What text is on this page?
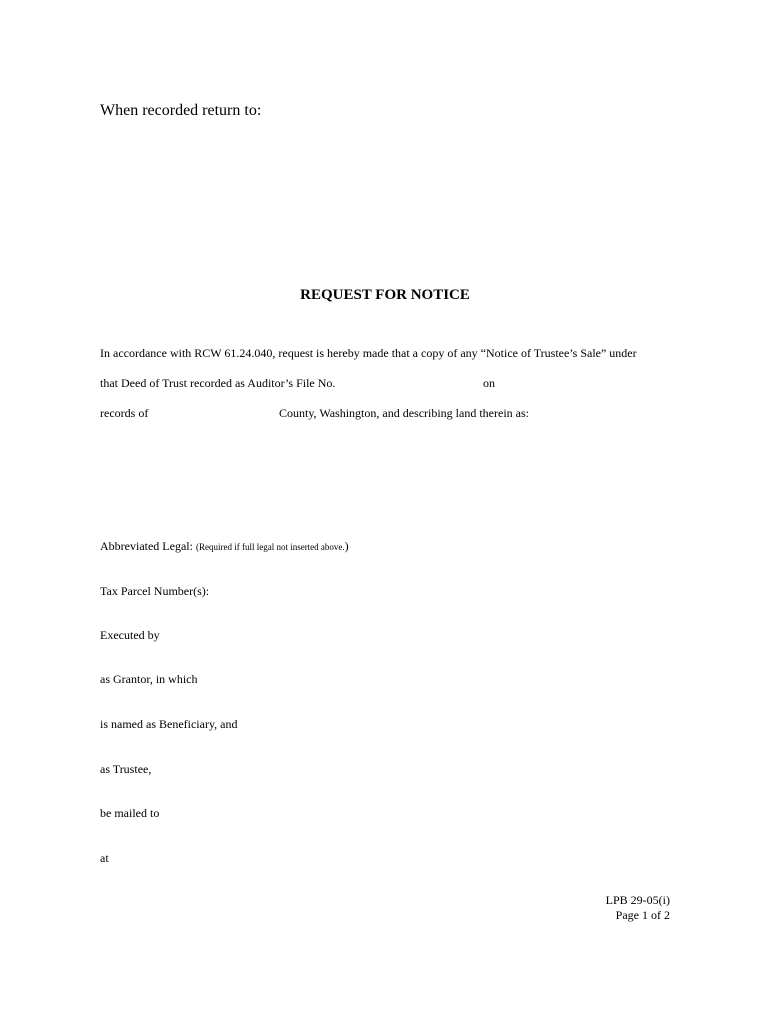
When recorded return to:
REQUEST FOR NOTICE
In accordance with RCW 61.24.040, request is hereby made that a copy of any “Notice of Trustee’s Sale” under
that Deed of Trust recorded as Auditor’s File No.	on
records of	County, Washington, and describing land therein as:
Abbreviated Legal: (Required if full legal not inserted above.)
Tax Parcel Number(s):
Executed by
as Grantor, in which
is named as Beneficiary, and
as Trustee,
be mailed to
at
LPB 29-05(i)
Page 1 of 2
